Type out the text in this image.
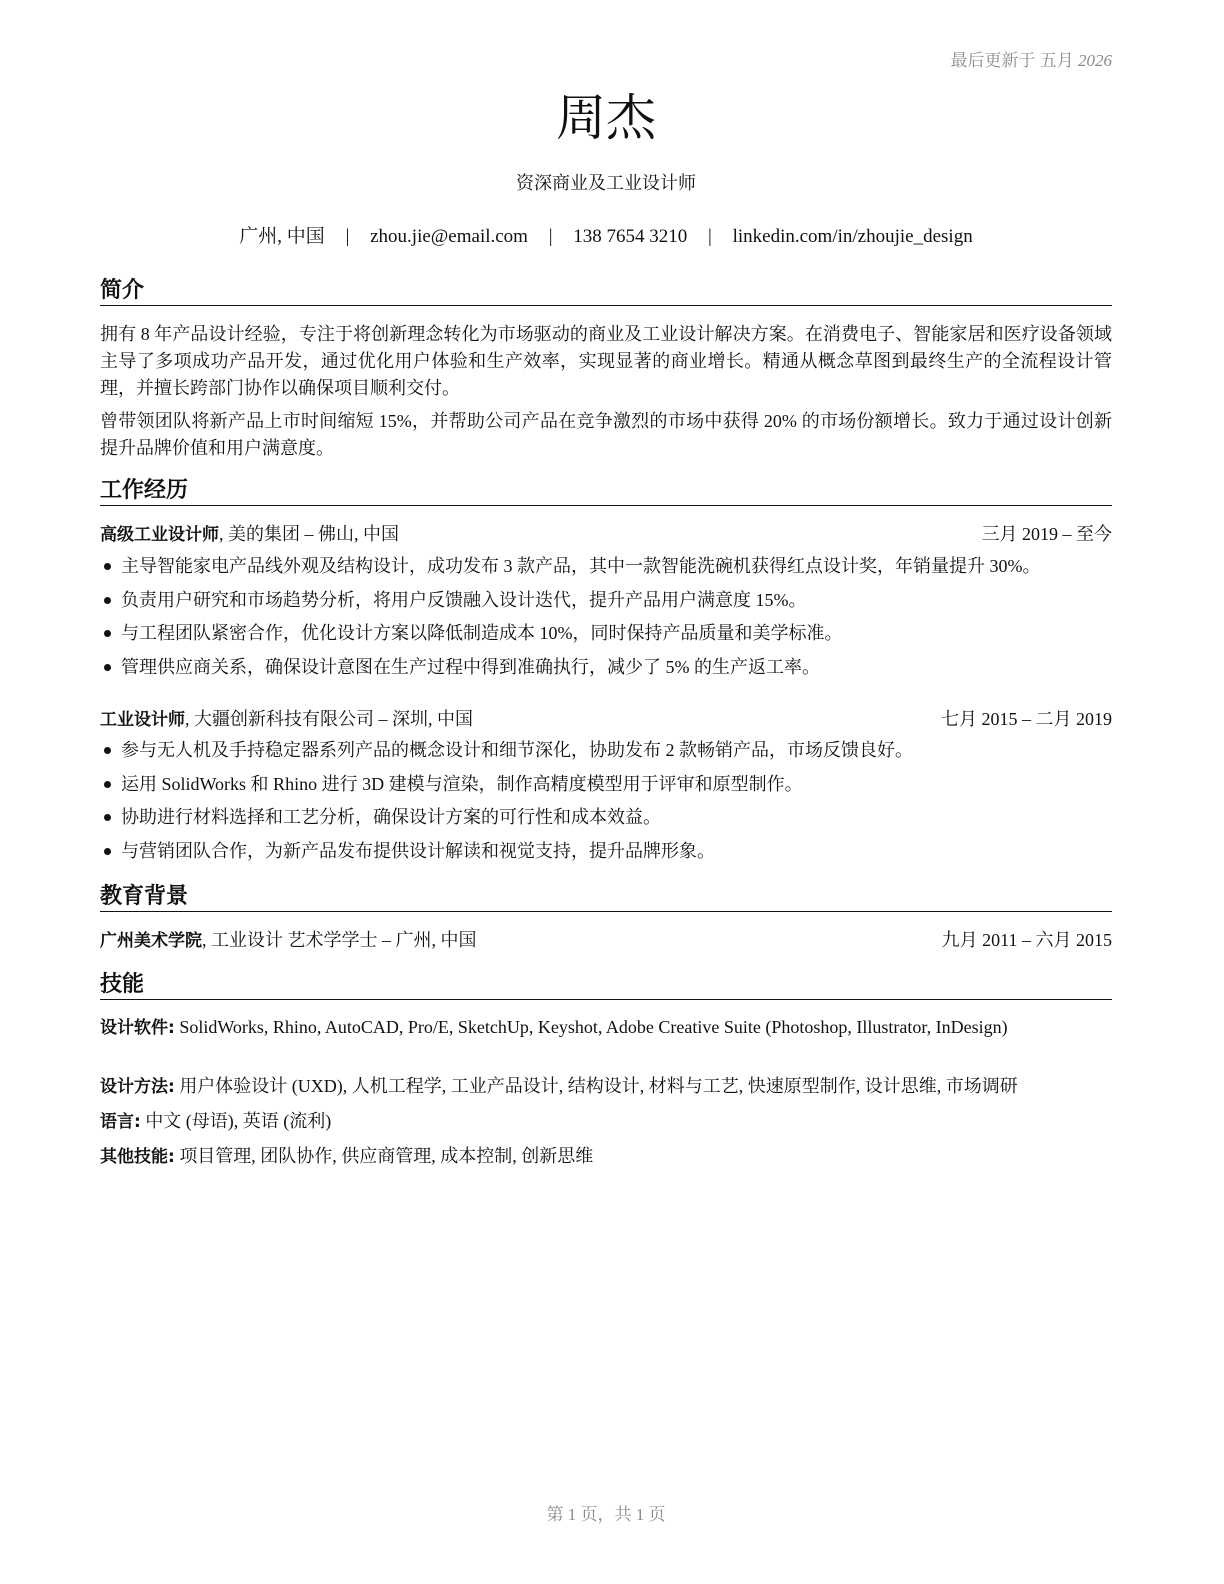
最后更新于 五月 2026
周杰
资深商业及工业设计师
广州, 中国 | zhou.jie@email.com | 138 7654 3210 | linkedin.com/in/zhoujie_design
简介

拥有 8 年产品设计经验，专注于将创新理念转化为市场驱动的商业及工业设计解决方案。在消费电子、智能家居和医疗设备领域主导了多项成功产品开发，通过优化用户体验和生产效率，实现显著的商业增长。精通从概念草图到最终生产的全流程设计管理，并擅长跨部门协作以确保项目顺利交付。

曾带领团队将新产品上市时间缩短 15%，并帮助公司产品在竞争激烈的市场中获得 20% 的市场份额增长。致力于通过设计创新提升品牌价值和用户满意度。

工作经历
高级工业设计师, 美的集团 – 佛山, 中国	三月 2019 – 至今
主导智能家电产品线外观及结构设计，成功发布 3 款产品，其中一款智能洗碗机获得红点设计奖，年销量提升 30%。
负责用户研究和市场趋势分析，将用户反馈融入设计迭代，提升产品用户满意度 15%。
与工程团队紧密合作，优化设计方案以降低制造成本 10%，同时保持产品质量和美学标准。
管理供应商关系，确保设计意图在生产过程中得到准确执行，减少了 5% 的生产返工率。
工业设计师, 大疆创新科技有限公司 – 深圳, 中国	七月 2015 – 二月 2019
参与无人机及手持稳定器系列产品的概念设计和细节深化，协助发布 2 款畅销产品，市场反馈良好。
运用 SolidWorks 和 Rhino 进行 3D 建模与渲染，制作高精度模型用于评审和原型制作。
协助进行材料选择和工艺分析，确保设计方案的可行性和成本效益。
与营销团队合作，为新产品发布提供设计解读和视觉支持，提升品牌形象。
教育背景
广州美术学院, 工业设计 艺术学学士 – 广州, 中国	九月 2011 – 六月 2015
技能
设计软件: SolidWorks, Rhino, AutoCAD, Pro/E, SketchUp, Keyshot, Adobe Creative Suite (Photoshop, Illustrator, InDesign)
设计方法: 用户体验设计 (UXD), 人机工程学, 工业产品设计, 结构设计, 材料与工艺, 快速原型制作, 设计思维, 市场调研
语言: 中文 (母语), 英语 (流利)
其他技能: 项目管理, 团队协作, 供应商管理, 成本控制, 创新思维
第 1 页，共 1 页
